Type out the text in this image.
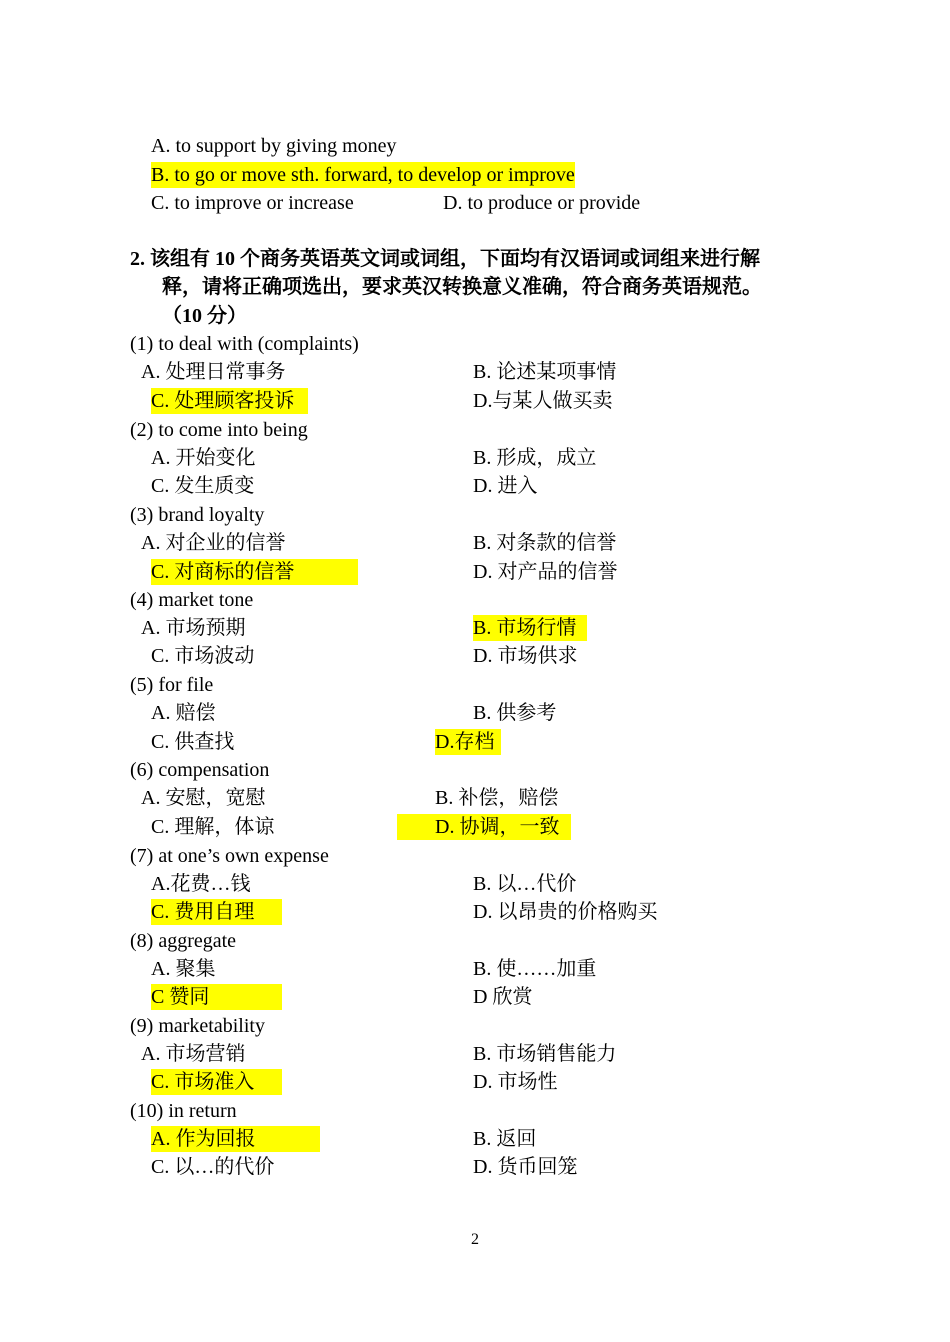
A. to support by giving money
B. to go or move sth. forward, to develop or improve
C. to improve or increase	D. to produce or provide
2. 该组有 10 个商务英语英文词或词组，下面均有汉语词或词组来进行解
释，请将正确项选出，要求英汉转换意义准确，符合商务英语规范。
（10 分）
(1) to deal with (complaints)
A. 处理日常事务	B. 论述某项事情
C. 处理顾客投诉	D.与某人做买卖
(2) to come into being
A. 开始变化	B. 形成，成立
C. 发生质变	D. 进入
(3) brand loyalty
A. 对企业的信誉	B. 对条款的信誉
C. 对商标的信誉	D. 对产品的信誉
(4) market tone
A. 市场预期	B. 市场行情
C. 市场波动	D. 市场供求
(5) for file
A. 赔偿	B. 供参考
C. 供查找	D.存档
(6) compensation
A. 安慰，宽慰	B. 补偿，赔偿
C. 理解，体谅	D. 协调，一致
(7) at one’s own expense
A.花费…钱	B. 以…代价
C. 费用自理	D. 以昂贵的价格购买
(8) aggregate
A. 聚集	B. 使……加重
C 赞同	D 欣赏
(9) marketability
A. 市场营销	B. 市场销售能力
C. 市场准入	D. 市场性
(10) in return
A. 作为回报	B. 返回
C. 以…的代价	D. 货币回笼
2
